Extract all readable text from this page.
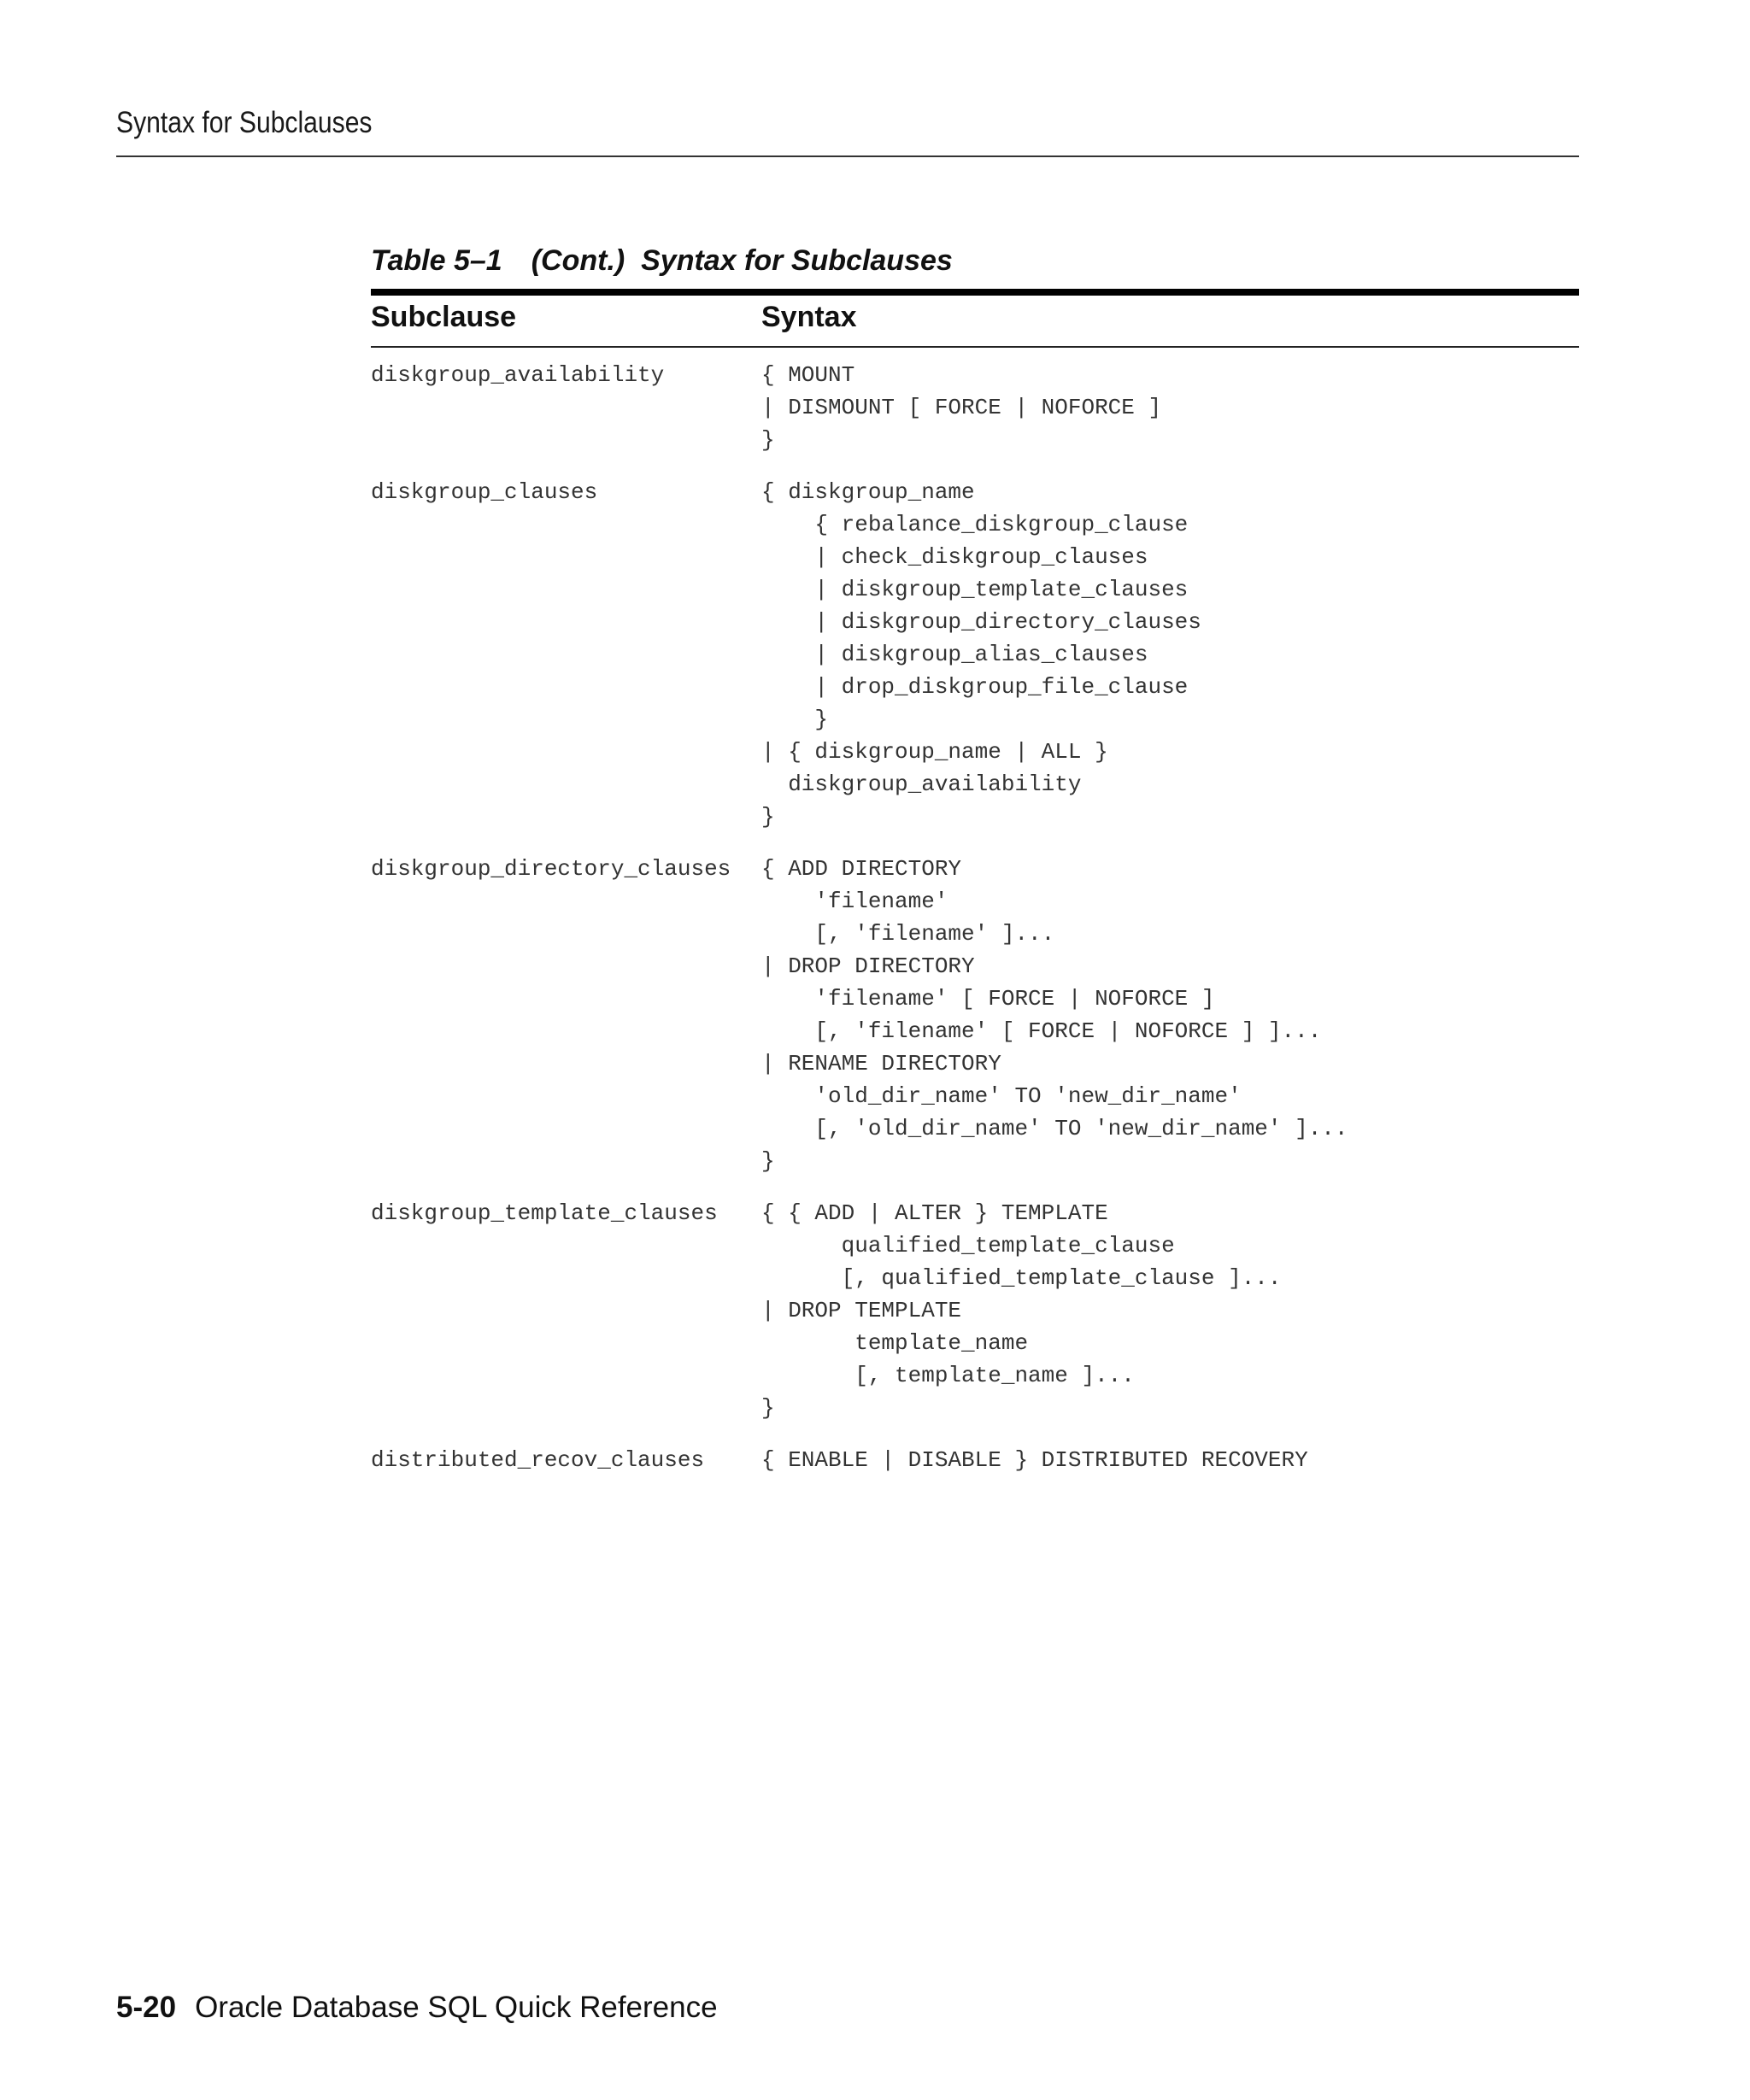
Syntax for Subclauses
Table 5–1 (Cont.)  Syntax for Subclauses
Subclause	Syntax
diskgroup_availability	{ MOUNT
| DISMOUNT [ FORCE | NOFORCE ]
}
diskgroup_clauses	{ diskgroup_name
{ rebalance_diskgroup_clause
| check_diskgroup_clauses
| diskgroup_template_clauses
| diskgroup_directory_clauses
| diskgroup_alias_clauses
| drop_diskgroup_file_clause
}
| { diskgroup_name | ALL }
diskgroup_availability
}
diskgroup_directory_clauses	{ ADD DIRECTORY
'filename'
[, 'filename' ]...
| DROP DIRECTORY
'filename' [ FORCE | NOFORCE ]
[, 'filename' [ FORCE | NOFORCE ] ]...
| RENAME DIRECTORY
'old_dir_name' TO 'new_dir_name'
[, 'old_dir_name' TO 'new_dir_name' ]...
}
diskgroup_template_clauses	{ { ADD | ALTER } TEMPLATE
qualified_template_clause
[, qualified_template_clause ]...
| DROP TEMPLATE
template_name
[, template_name ]...
}
distributed_recov_clauses	{ ENABLE | DISABLE } DISTRIBUTED RECOVERY
5-20 Oracle Database SQL Quick Reference
